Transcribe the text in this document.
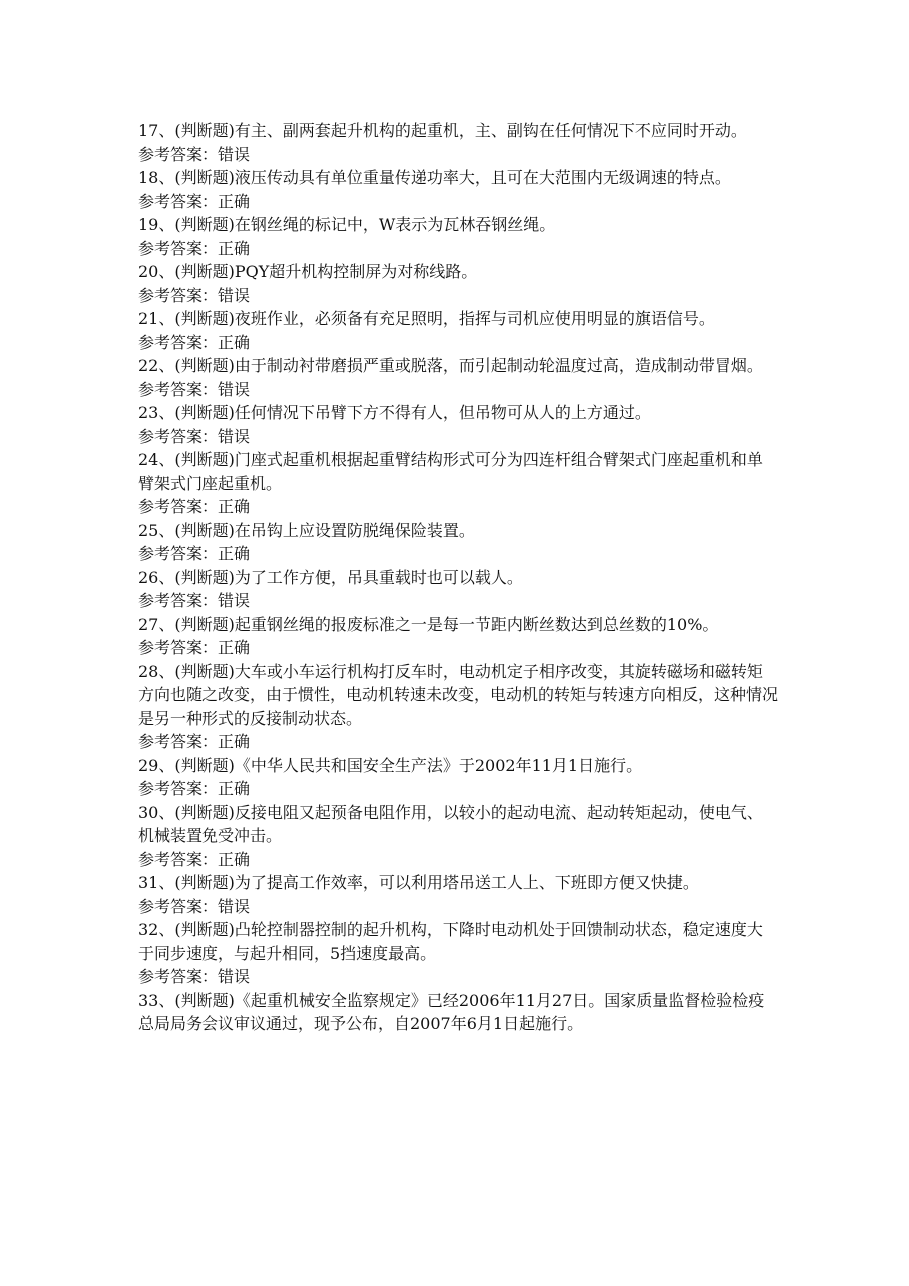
17、(判断题)有主、副两套起升机构的起重机，主、副钩在任何情况下不应同时开动。

参考答案：错误

18、(判断题)液压传动具有单位重量传递功率大，且可在大范围内无级调速的特点。

参考答案：正确

19、(判断题)在钢丝绳的标记中，W表示为瓦林吞钢丝绳。

参考答案：正确

20、(判断题)PQY超升机构控制屏为对称线路。

参考答案：错误

21、(判断题)夜班作业，必须备有充足照明，指挥与司机应使用明显的旗语信号。

参考答案：正确

22、(判断题)由于制动衬带磨损严重或脱落，而引起制动轮温度过高，造成制动带冒烟。

参考答案：错误

23、(判断题)任何情况下吊臂下方不得有人，但吊物可从人的上方通过。

参考答案：错误

24、(判断题)门座式起重机根据起重臂结构形式可分为四连杆组合臂架式门座起重机和单臂架式门座起重机。

参考答案：正确

25、(判断题)在吊钩上应设置防脱绳保险装置。

参考答案：正确

26、(判断题)为了工作方便，吊具重载时也可以载人。

参考答案：错误

27、(判断题)起重钢丝绳的报废标准之一是每一节距内断丝数达到总丝数的10%。

参考答案：正确

28、(判断题)大车或小车运行机构打反车时，电动机定子相序改变，其旋转磁场和磁转矩方向也随之改变，由于惯性，电动机转速未改变，电动机的转矩与转速方向相反，这种情况是另一种形式的反接制动状态。

参考答案：正确

29、(判断题)《中华人民共和国安全生产法》于2002年11月1日施行。

参考答案：正确

30、(判断题)反接电阻又起预备电阻作用，以较小的起动电流、起动转矩起动，使电气、机械装置免受冲击。

参考答案：正确

31、(判断题)为了提高工作效率，可以利用塔吊送工人上、下班即方便又快捷。

参考答案：错误

32、(判断题)凸轮控制器控制的起升机构，下降时电动机处于回馈制动状态，稳定速度大于同步速度，与起升相同，5挡速度最高。

参考答案：错误

33、(判断题)《起重机械安全监察规定》已经2006年11月27日。国家质量监督检验检疫总局局务会议审议通过，现予公布，自2007年6月1日起施行。
